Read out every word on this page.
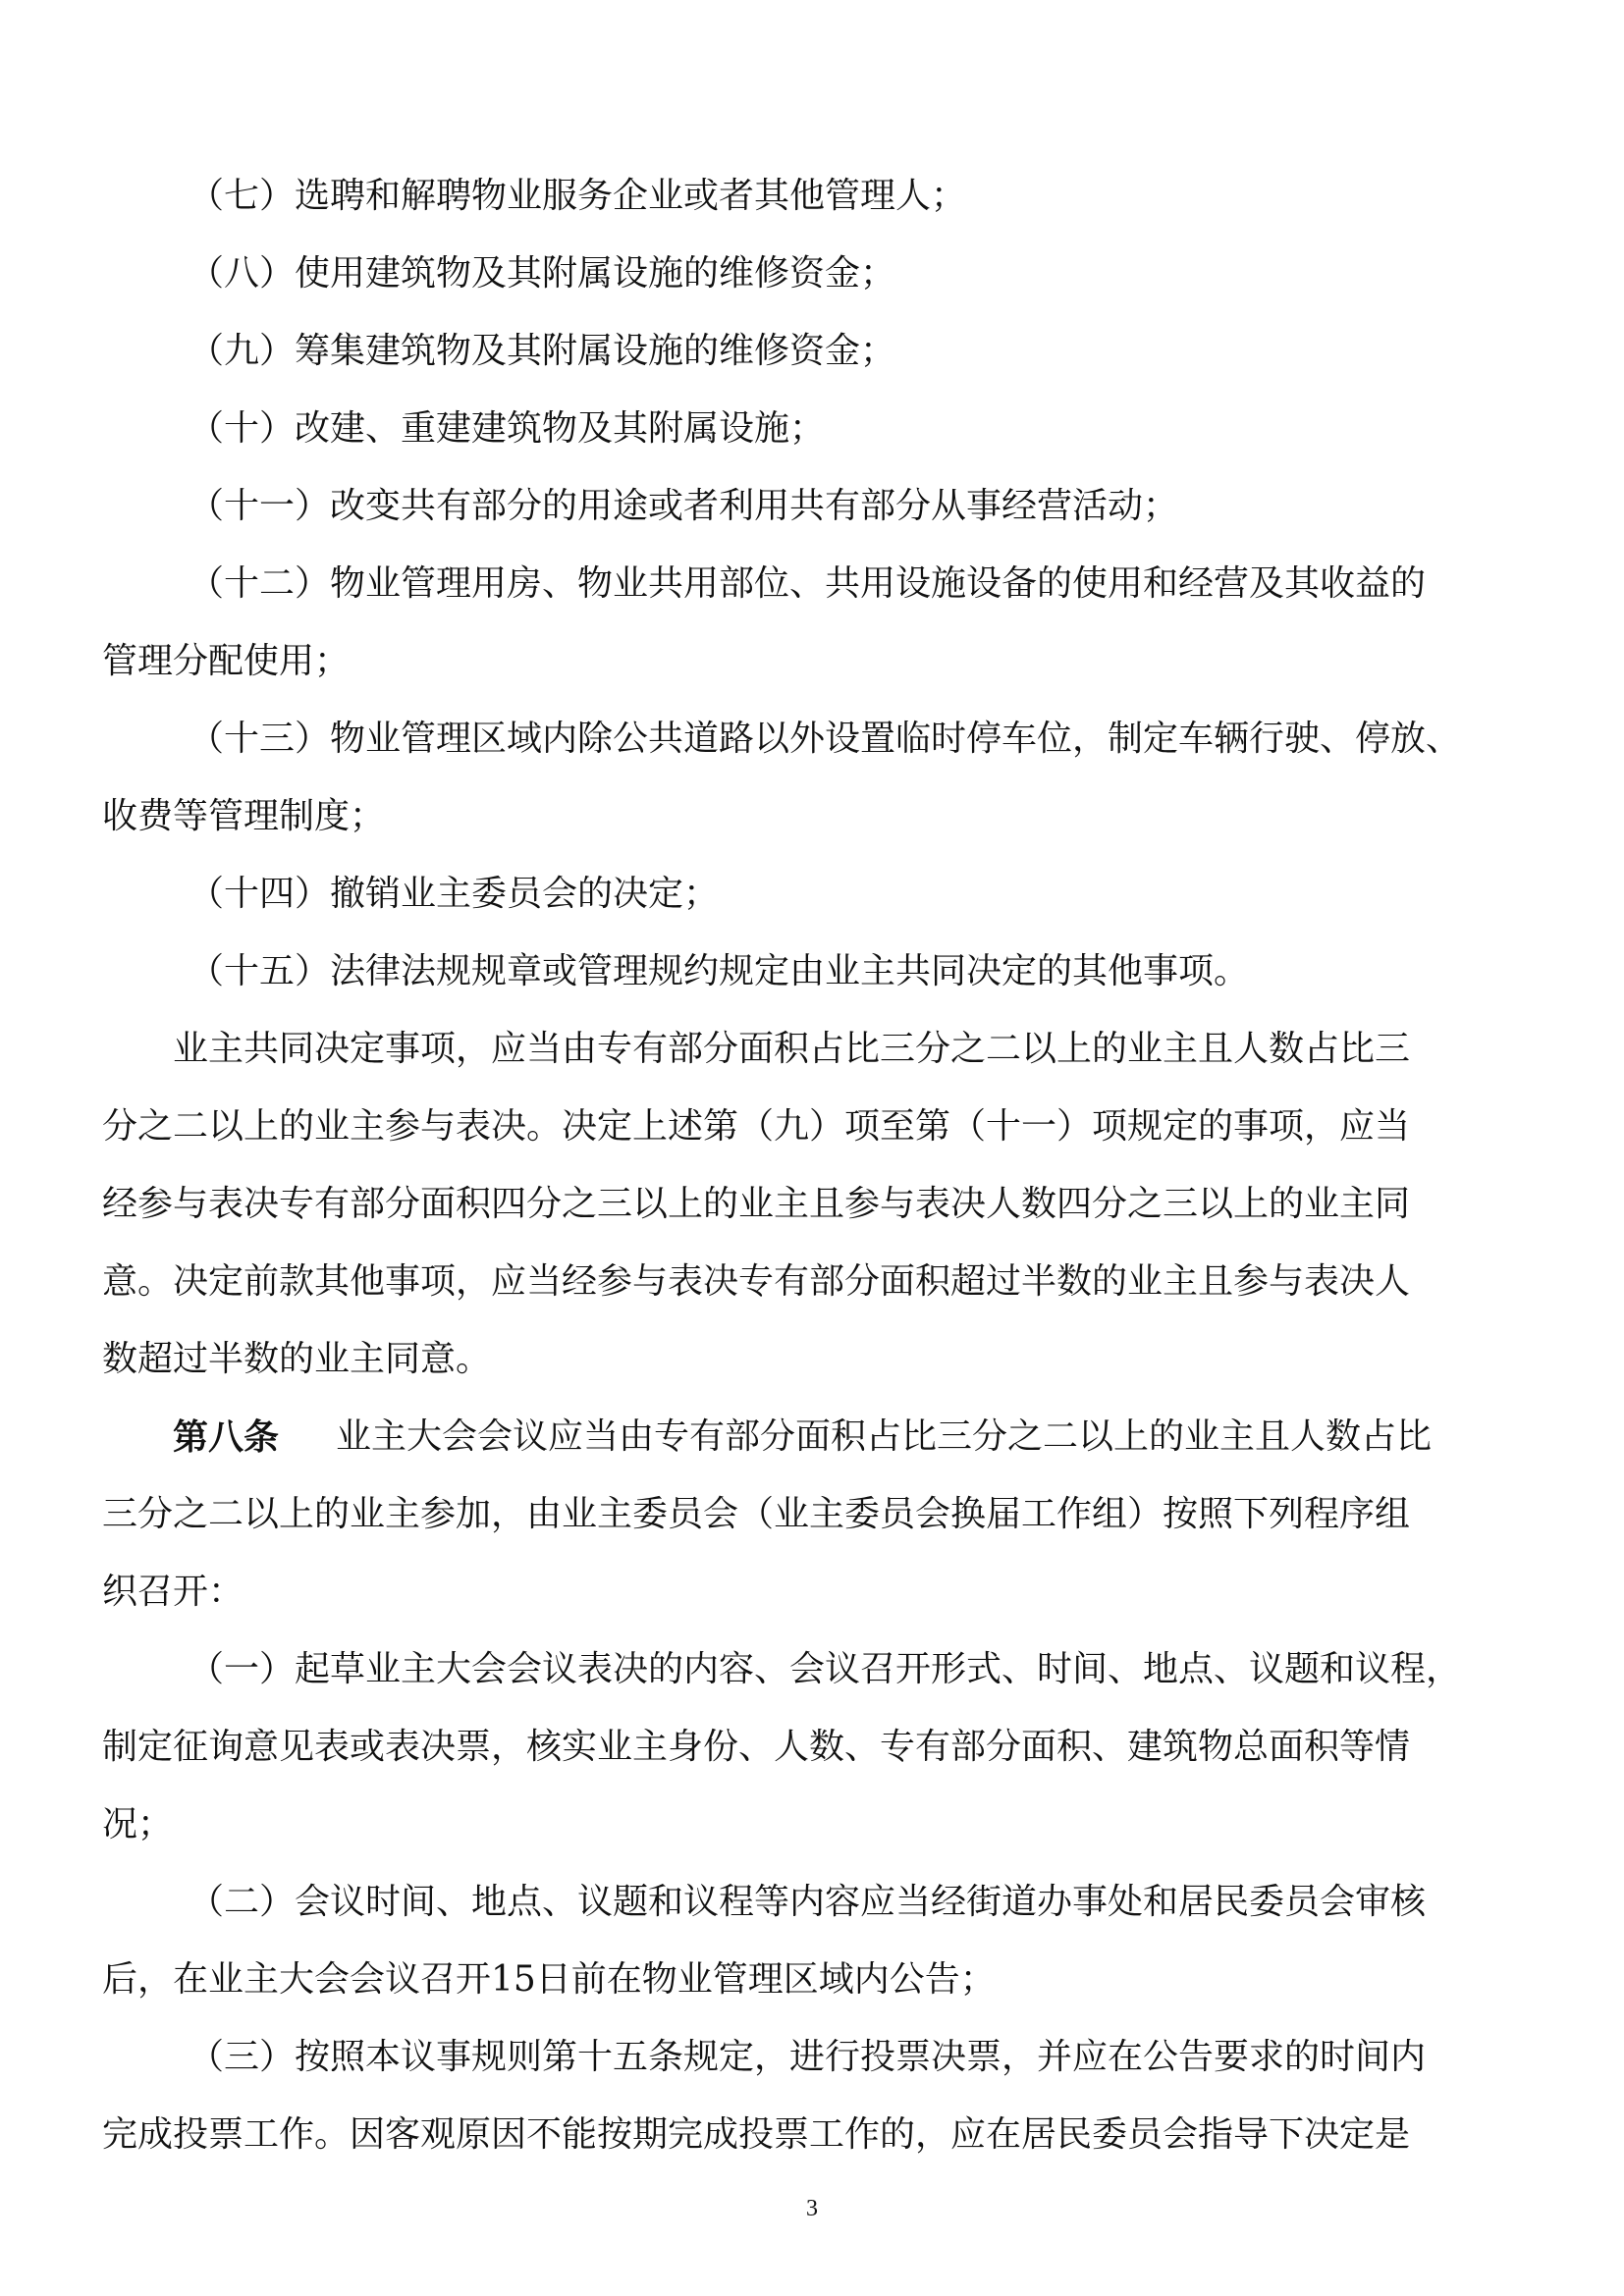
（七）选聘和解聘物业服务企业或者其他管理人；
（八）使用建筑物及其附属设施的维修资金；
（九）筹集建筑物及其附属设施的维修资金；
（十）改建、重建建筑物及其附属设施；
（十一）改变共有部分的用途或者利用共有部分从事经营活动；
（十二）物业管理用房、物业共用部位、共用设施设备的使用和经营及其收益的
管理分配使用；
（十三）物业管理区域内除公共道路以外设置临时停车位，制定车辆行驶、停放、
收费等管理制度；
（十四）撤销业主委员会的决定；
（十五）法律法规规章或管理规约规定由业主共同决定的其他事项。
业主共同决定事项，应当由专有部分面积占比三分之二以上的业主且人数占比三
分之二以上的业主参与表决。决定上述第（九）项至第（十一）项规定的事项，应当
经参与表决专有部分面积四分之三以上的业主且参与表决人数四分之三以上的业主同
意。决定前款其他事项，应当经参与表决专有部分面积超过半数的业主且参与表决人
数超过半数的业主同意。
第八条 业主大会会议应当由专有部分面积占比三分之二以上的业主且人数占比
三分之二以上的业主参加，由业主委员会（业主委员会换届工作组）按照下列程序组
织召开：
（一）起草业主大会会议表决的内容、会议召开形式、时间、地点、议题和议程，
制定征询意见表或表决票，核实业主身份、人数、专有部分面积、建筑物总面积等情
况；
（二）会议时间、地点、议题和议程等内容应当经街道办事处和居民委员会审核
后，在业主大会会议召开15日前在物业管理区域内公告；
（三）按照本议事规则第十五条规定，进行投票决票，并应在公告要求的时间内
完成投票工作。因客观原因不能按期完成投票工作的，应在居民委员会指导下决定是
3
